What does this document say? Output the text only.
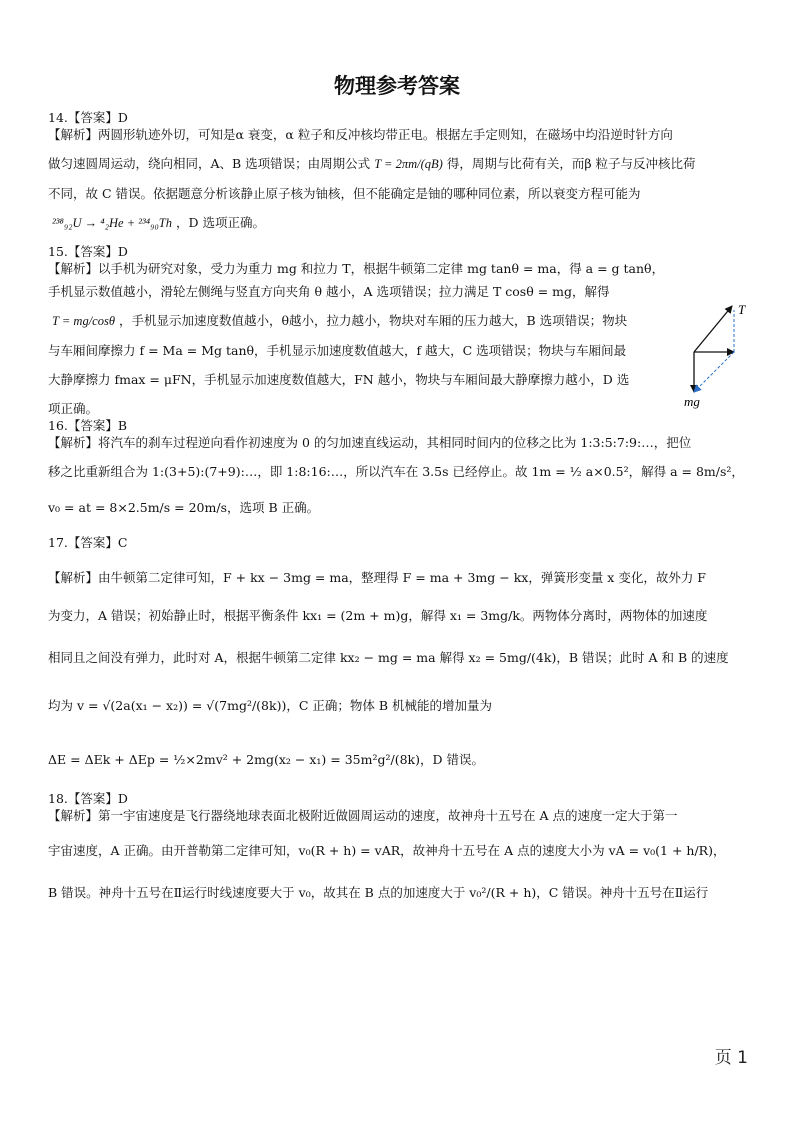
物理参考答案
14.【答案】D
【解析】两圆形轨迹外切，可知是α 衰变，α 粒子和反冲核均带正电。根据左手定则知，在磁场中均沿逆时针方向
做匀速圆周运动，绕向相同，A、B 选项错误；由周期公式 T = 2πm/(qB) 得，周期与比荷有关，而β 粒子与反冲核比荷
不同，故 C 错误。依据题意分析该静止原子核为铀核，但不能确定是铀的哪种同位素，所以衰变方程可能为
²³⁸₉₂U → ⁴₂He + ²³⁴₉₀Th ，D 选项正确。
15.【答案】D
【解析】以手机为研究对象，受力为重力 mg 和拉力 T，根据牛顿第二定律 mg tanθ = ma，得 a = g tanθ，
手机显示数值越小，滑轮左侧绳与竖直方向夹角 θ 越小，A 选项错误；拉力满足 T cosθ = mg，解得
T = mg/cosθ ，手机显示加速度数值越小，θ越小，拉力越小，物块对车厢的压力越大，B 选项错误；物块
与车厢间摩擦力 f = Ma = Mg tanθ，手机显示加速度数值越大，f 越大，C 选项错误；物块与车厢间最
大静摩擦力 fmax = μFN，手机显示加速度数值越大，FN 越小，物块与车厢间最大静摩擦力越小，D 选
项正确。
16.【答案】B
【解析】将汽车的刹车过程逆向看作初速度为 0 的匀加速直线运动，其相同时间内的位移之比为 1:3:5:7:9:…，把位
移之比重新组合为 1:(3+5):(7+9):…，即 1:8:16:…，所以汽车在 3.5s 已经停止。故 1m = ½ a×0.5²，解得 a = 8m/s²，
v₀ = at = 8×2.5m/s = 20m/s，选项 B 正确。
17.【答案】C
【解析】由牛顿第二定律可知，F + kx − 3mg = ma，整理得 F = ma + 3mg − kx，弹簧形变量 x 变化，故外力 F
为变力，A 错误；初始静止时，根据平衡条件 kx₁ = (2m + m)g，解得 x₁ = 3mg/k。两物体分离时，两物体的加速度
相同且之间没有弹力，此时对 A，根据牛顿第二定律 kx₂ − mg = ma 解得 x₂ = 5mg/(4k)，B 错误；此时 A 和 B 的速度
均为 v = √(2a(x₁ − x₂)) = √(7mg²/(8k))，C 正确；物体 B 机械能的增加量为
ΔE = ΔEk + ΔEp = ½×2mv² + 2mg(x₂ − x₁) = 35m²g²/(8k)，D 错误。
18.【答案】D
【解析】第一宇宙速度是飞行器绕地球表面北极附近做圆周运动的速度，故神舟十五号在 A 点的速度一定大于第一
宇宙速度，A 正确。由开普勒第二定律可知，v₀(R + h) = vAR，故神舟十五号在 A 点的速度大小为 vA = v₀(1 + h/R)，
B 错误。神舟十五号在Ⅱ运行时线速度要大于 v₀，故其在 B 点的加速度大于 v₀²/(R + h)，C 错误。神舟十五号在Ⅱ运行
T
mg
页 1
